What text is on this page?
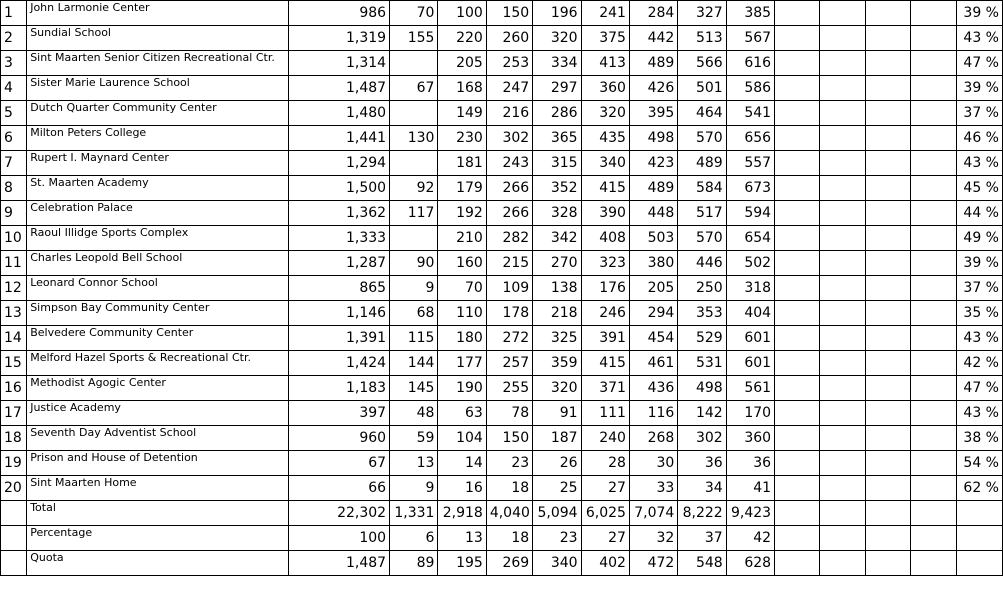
1	John Larmonie Center	986	70	100	150	196	241	284	327	385					39 %
2	Sundial School	1,319	155	220	260	320	375	442	513	567					43 %
3	Sint Maarten Senior Citizen Recreational Ctr.	1,314		205	253	334	413	489	566	616					47 %
4	Sister Marie Laurence School	1,487	67	168	247	297	360	426	501	586					39 %
5	Dutch Quarter Community Center	1,480		149	216	286	320	395	464	541					37 %
6	Milton Peters College	1,441	130	230	302	365	435	498	570	656					46 %
7	Rupert I. Maynard Center	1,294		181	243	315	340	423	489	557					43 %
8	St. Maarten Academy	1,500	92	179	266	352	415	489	584	673					45 %
9	Celebration Palace	1,362	117	192	266	328	390	448	517	594					44 %
10	Raoul Illidge Sports Complex	1,333		210	282	342	408	503	570	654					49 %
11	Charles Leopold Bell School	1,287	90	160	215	270	323	380	446	502					39 %
12	Leonard Connor School	865	9	70	109	138	176	205	250	318					37 %
13	Simpson Bay Community Center	1,146	68	110	178	218	246	294	353	404					35 %
14	Belvedere Community Center	1,391	115	180	272	325	391	454	529	601					43 %
15	Melford Hazel Sports & Recreational Ctr.	1,424	144	177	257	359	415	461	531	601					42 %
16	Methodist Agogic Center	1,183	145	190	255	320	371	436	498	561					47 %
17	Justice Academy	397	48	63	78	91	111	116	142	170					43 %
18	Seventh Day Adventist School	960	59	104	150	187	240	268	302	360					38 %
19	Prison and House of Detention	67	13	14	23	26	28	30	36	36					54 %
20	Sint Maarten Home	66	9	16	18	25	27	33	34	41					62 %
	Total	22,302	1,331	2,918	4,040	5,094	6,025	7,074	8,222	9,423					
	Percentage	100	6	13	18	23	27	32	37	42					
	Quota	1,487	89	195	269	340	402	472	548	628					
